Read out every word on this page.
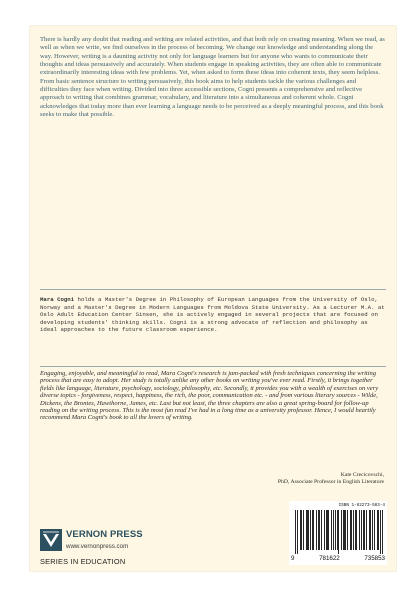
There is hardly any doubt that reading and writing are related activities, and that both rely on creating meaning. When we read, as well as when we write, we find ourselves in the process of becoming. We change our knowledge and understanding along the way. However, writing is a daunting activity not only for language learners but for anyone who wants to communicate their thoughts and ideas persuasively and accurately. When students engage in speaking activities, they are often able to communicate extraordinarily interesting ideas with few problems. Yet, when asked to form these ideas into coherent texts, they seem helpless. From basic sentence structure to writing persuasively, this book aims to help students tackle the various challenges and difficulties they face when writing. Divided into three accessible sections, Cogni presents a comprehensive and reflective approach to writing that combines grammar, vocabulary, and literature into a simultaneous and coherent whole. Cogni acknowledges that today more than ever learning a language needs to be perceived as a deeply meaningful process, and this book seeks to make that possible.

Mara Cogni holds a Master's Degree in Philosophy of European Languages from the University of Oslo, Norway and a Master's Degree in Modern Languages from Moldova State University. As a Lecturer M.A. at Oslo Adult Education Center Sinsen, she is actively engaged in several projects that are focused on developing students' thinking skills. Cogni is a strong advocate of reflection and philosophy as ideal approaches to the future classroom experience.

Engaging, enjoyable, and meaningful to read, Mara Cogni's research is jam-packed with fresh techniques concerning the writing process that are easy to adopt. Her study is totally unlike any other books on writing you've ever read. Firstly, it brings together fields like language, literature, psychology, sociology, philosophy, etc. Secondly, it provides you with a wealth of exercises on very diverse topics - forgiveness, respect, happiness, the rich, the poor, communication etc. - and from various literary sources - Wilde, Dickens, the Brontes, Hawthorne, James, etc. Last but not least, the three chapters are also a great spring-board for follow-up reading on the writing process. This is the most fun read I've had in a long time as a university professor. Hence, I would heartily recommend Mara Cogni's book to all the lovers of writing.

Kate Crecicovschi,
PhD, Associate Professor in English Literature
VERNON PRESS
www.vernonpress.com
SERIES IN EDUCATION
ISBN 1-62273-583-4
9	781622	735853
